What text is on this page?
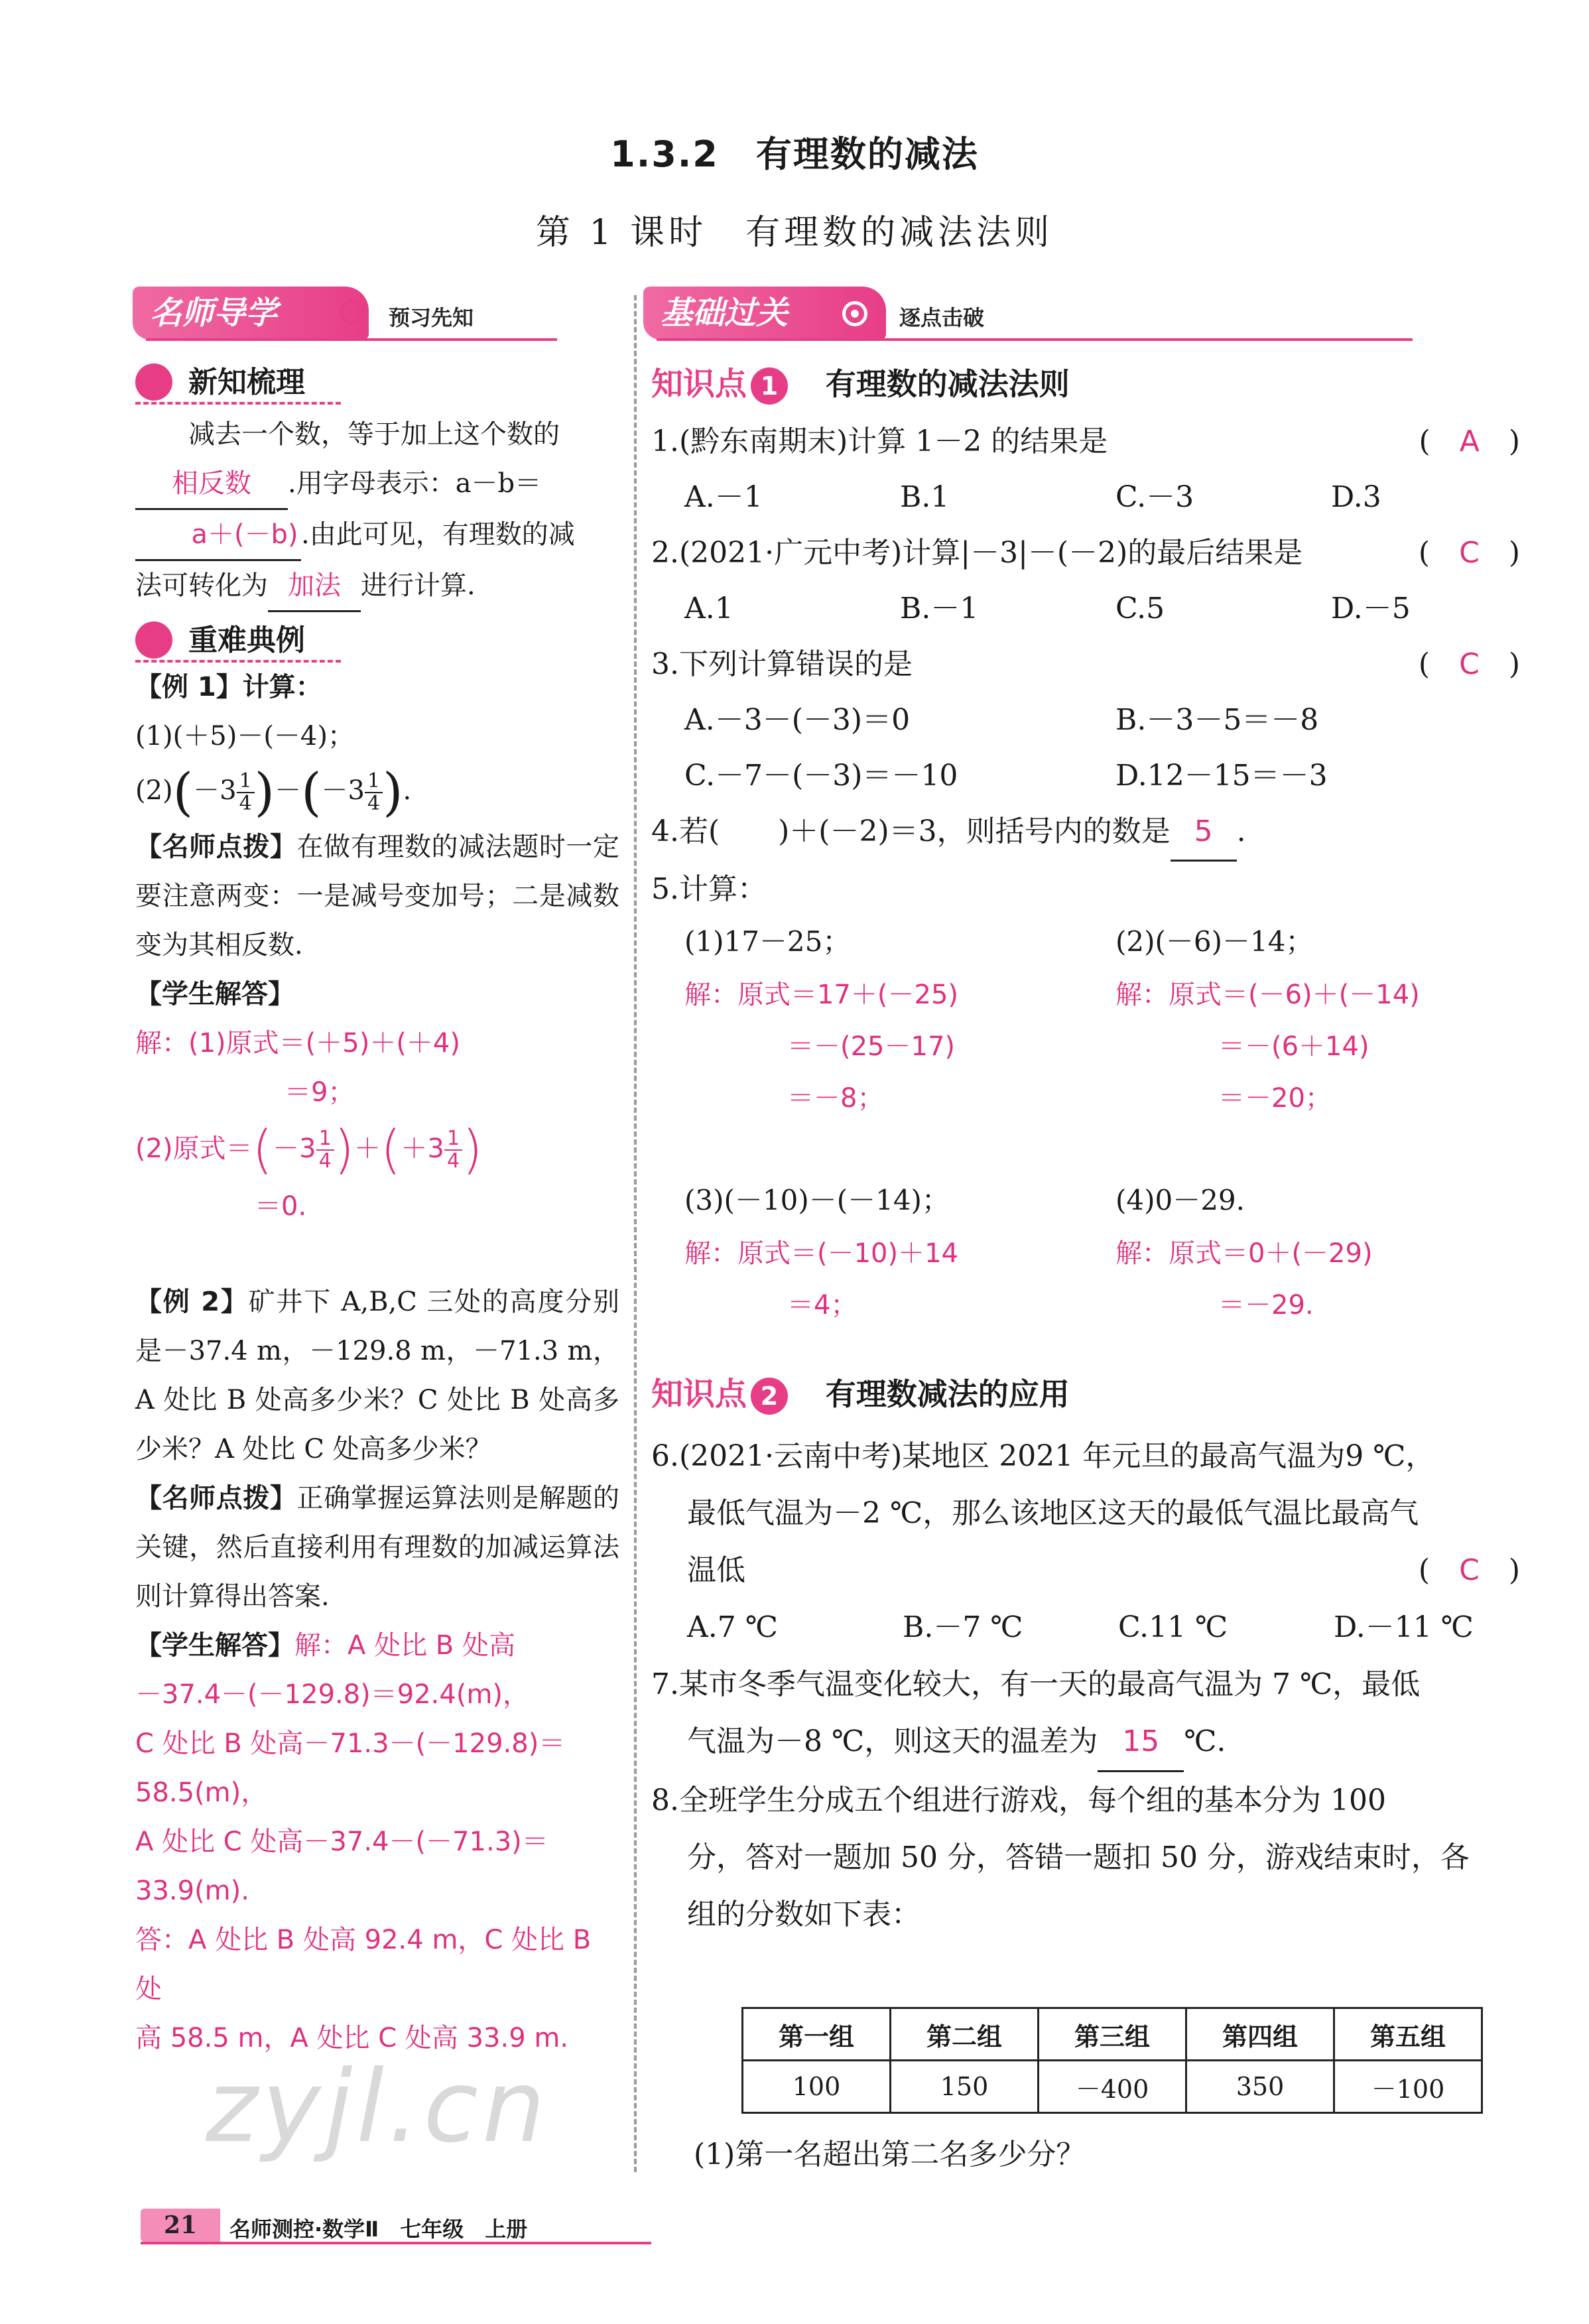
1.3.2　有理数的减法
第 1 课时　有理数的减法法则
名师导学	预习先知	基础过关	逐点击破
新知梳理
减去一个数，等于加上这个数的
相反数 .用字母表示：a－b＝
a＋(－b) .由此可见，有理数的减

法可转化为 加法 进行计算.
重难典例
【例 1】计算：
(1)(＋5)－(－4)；
$(2)(-3 \frac{1}{4} )-(-3 \frac{1}{4}$ ).
【名师点拨】在做有理数的减法题时一定要注意两变：一是减号变加号；二是减数变为其相反数.
【学生解答】
解：(1)原式＝(＋5)＋(＋4)
＝9；
(2)原式$=(-3 \frac{1}{4} )+(+3 \frac{1}{4}$ )
＝0.
【例 2】矿井下 A,B,C 三处的高度分别是－37.4 m，－129.8 m，－71.3 m，A 处比 B 处高多少米？C 处比 B 处高多少米？A 处比 C 处高多少米？
【名师点拨】正确掌握运算法则是解题的关键，然后直接利用有理数的加减运算法则计算得出答案.
【学生解答】解：A 处比 B 处高
－37.4－(－129.8)＝92.4(m)，
C 处比 B 处高－71.3－(－129.8)＝
58.5(m)，
A 处比 C 处高－37.4－(－71.3)＝
33.9(m).
答：A 处比 B 处高 92.4 m，C 处比 B 处
高 58.5 m，A 处比 C 处高 33.9 m.
zyjl.cn
知识点 1 有理数的减法法则
1.(黔东南期末)计算 1－2 的结果是	(　A　)
A.－1	B.1	C.－3	D.3
2.(2021·广元中考)计算|－3|－(－2)的最后结果是	(　C　)
A.1	B.－1	C.5	D.－5
3.下列计算错误的是	(　C　)
A.－3－(－3)＝0	B.－3－5＝－8
C.－7－(－3)＝－10	D.12－15＝－3
4.若(　　)＋(－2)＝3，则括号内的数是 5 .
5.计算：
(1)17－25；
解：原式＝17＋(－25)
＝－(25－17)
＝－8；
(2)(－6)－14；
解：原式＝(－6)＋(－14)
＝－(6＋14)
＝－20；
(3)(－10)－(－14)；
解：原式＝(－10)＋14
＝4；
(4)0－29.
解：原式＝0＋(－29)
＝－29.
知识点 2 有理数减法的应用
6.(2021·云南中考)某地区 2021 年元旦的最高气温为9 ℃，
最低气温为－2 ℃，那么该地区这天的最低气温比最高气
温低	(　C　)
A.7 ℃	B.－7 ℃	C.11 ℃	D.－11 ℃
7.某市冬季气温变化较大，有一天的最高气温为 7 ℃，最低
气温为－8 ℃，则这天的温差为 15 ℃.
8.全班学生分成五个组进行游戏，每个组的基本分为 100
分，答对一题加 50 分，答错一题扣 50 分，游戏结束时，各
组的分数如下表：
第一组	第二组	第三组	第四组	第五组
100	150	－400	350	－100
(1)第一名超出第二名多少分？
21	名师测控·数学Ⅱ　七年级　上册
